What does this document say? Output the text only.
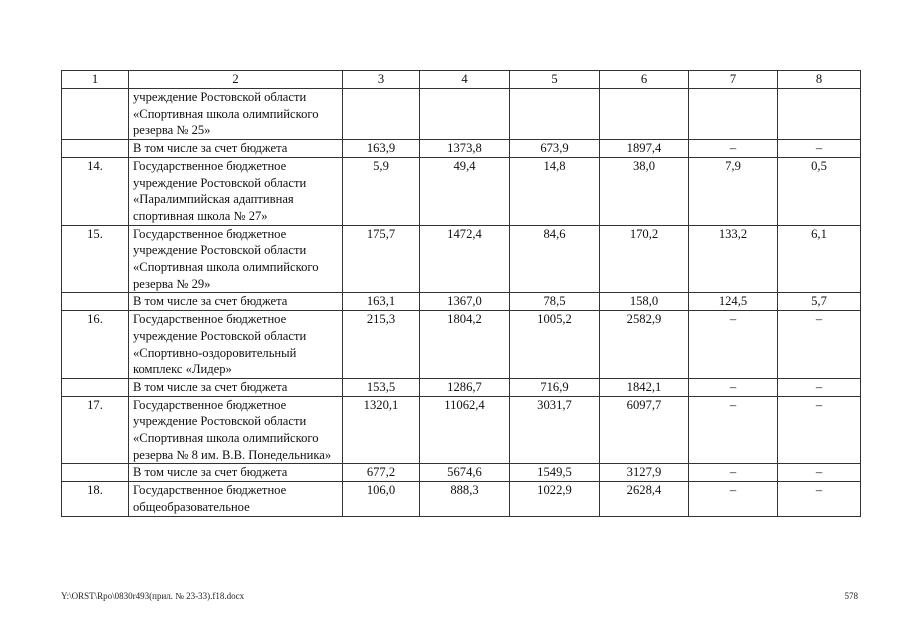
1	2	3	4	5	6	7	8
	учреждение Ростовской области «Спортивная школа олимпийского резерва № 25»						
	В том числе за счет бюджета	163,9	1373,8	673,9	1897,4	–	–
14.	Государственное бюджетное учреждение Ростовской области «Паралимпийская адаптивная спортивная школа № 27»	5,9	49,4	14,8	38,0	7,9	0,5
15.	Государственное бюджетное учреждение Ростовской области «Спортивная школа олимпийского резерва № 29»	175,7	1472,4	84,6	170,2	133,2	6,1
	В том числе за счет бюджета	163,1	1367,0	78,5	158,0	124,5	5,7
16.	Государственное бюджетное учреждение Ростовской области «Спортивно-оздоровительный комплекс «Лидер»	215,3	1804,2	1005,2	2582,9	–	–
	В том числе за счет бюджета	153,5	1286,7	716,9	1842,1	–	–
17.	Государственное бюджетное учреждение Ростовской области «Спортивная школа олимпийского резерва № 8 им. В.В. Понедельника»	1320,1	11062,4	3031,7	6097,7	–	–
	В том числе за счет бюджета	677,2	5674,6	1549,5	3127,9	–	–
18.	Государственное бюджетное общеобразовательное	106,0	888,3	1022,9	2628,4	–	–
Y:\ORST\Rpo\0830r493(прил. № 23-33).f18.docx	578
